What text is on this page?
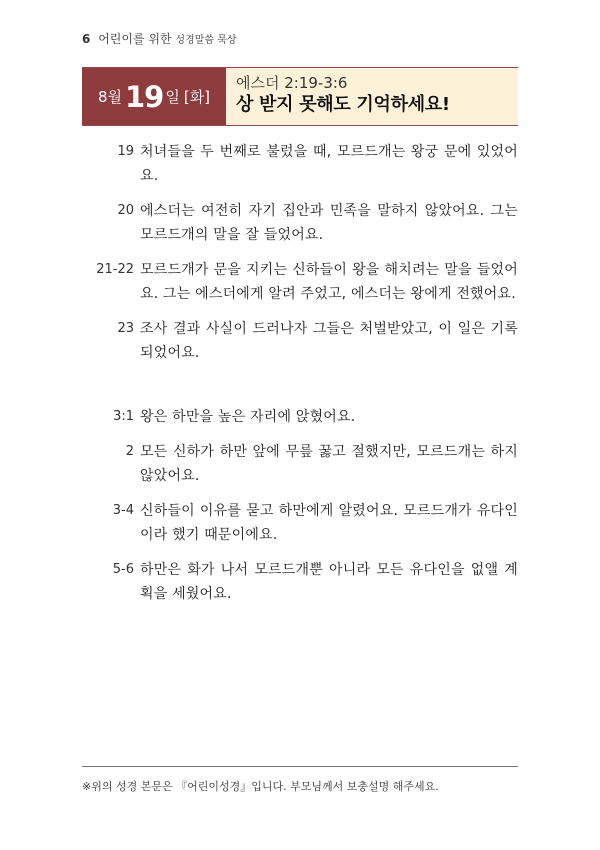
6 어린이를 위한 성경말씀 묵상
8 월 19 일 [화]
에스더 2:19-3:6
상 받지 못해도 기억하세요!
19 처녀들을 두 번째로 불렀을 때, 모르드개는 왕궁 문에 있었어요.
20 에스더는 여전히 자기 집안과 민족을 말하지 않았어요. 그는 모르드개의 말을 잘 들었어요.
21-22 모르드개가 문을 지키는 신하들이 왕을 해치려는 말을 들었어요. 그는 에스더에게 알려 주었고, 에스더는 왕에게 전했어요.
23 조사 결과 사실이 드러나자 그들은 처벌받았고, 이 일은 기록되었어요.
3:1 왕은 하만을 높은 자리에 앉혔어요.
2 모든 신하가 하만 앞에 무릎 꿇고 절했지만, 모르드개는 하지 않았어요.
3-4 신하들이 이유를 묻고 하만에게 알렸어요. 모르드개가 유다인이라 했기 때문이에요.
5-6 하만은 화가 나서 모르드개뿐 아니라 모든 유다인을 없앨 계획을 세웠어요.
※위의 성경 본문은 『어린이성경』입니다. 부모님께서 보충설명 해주세요.
